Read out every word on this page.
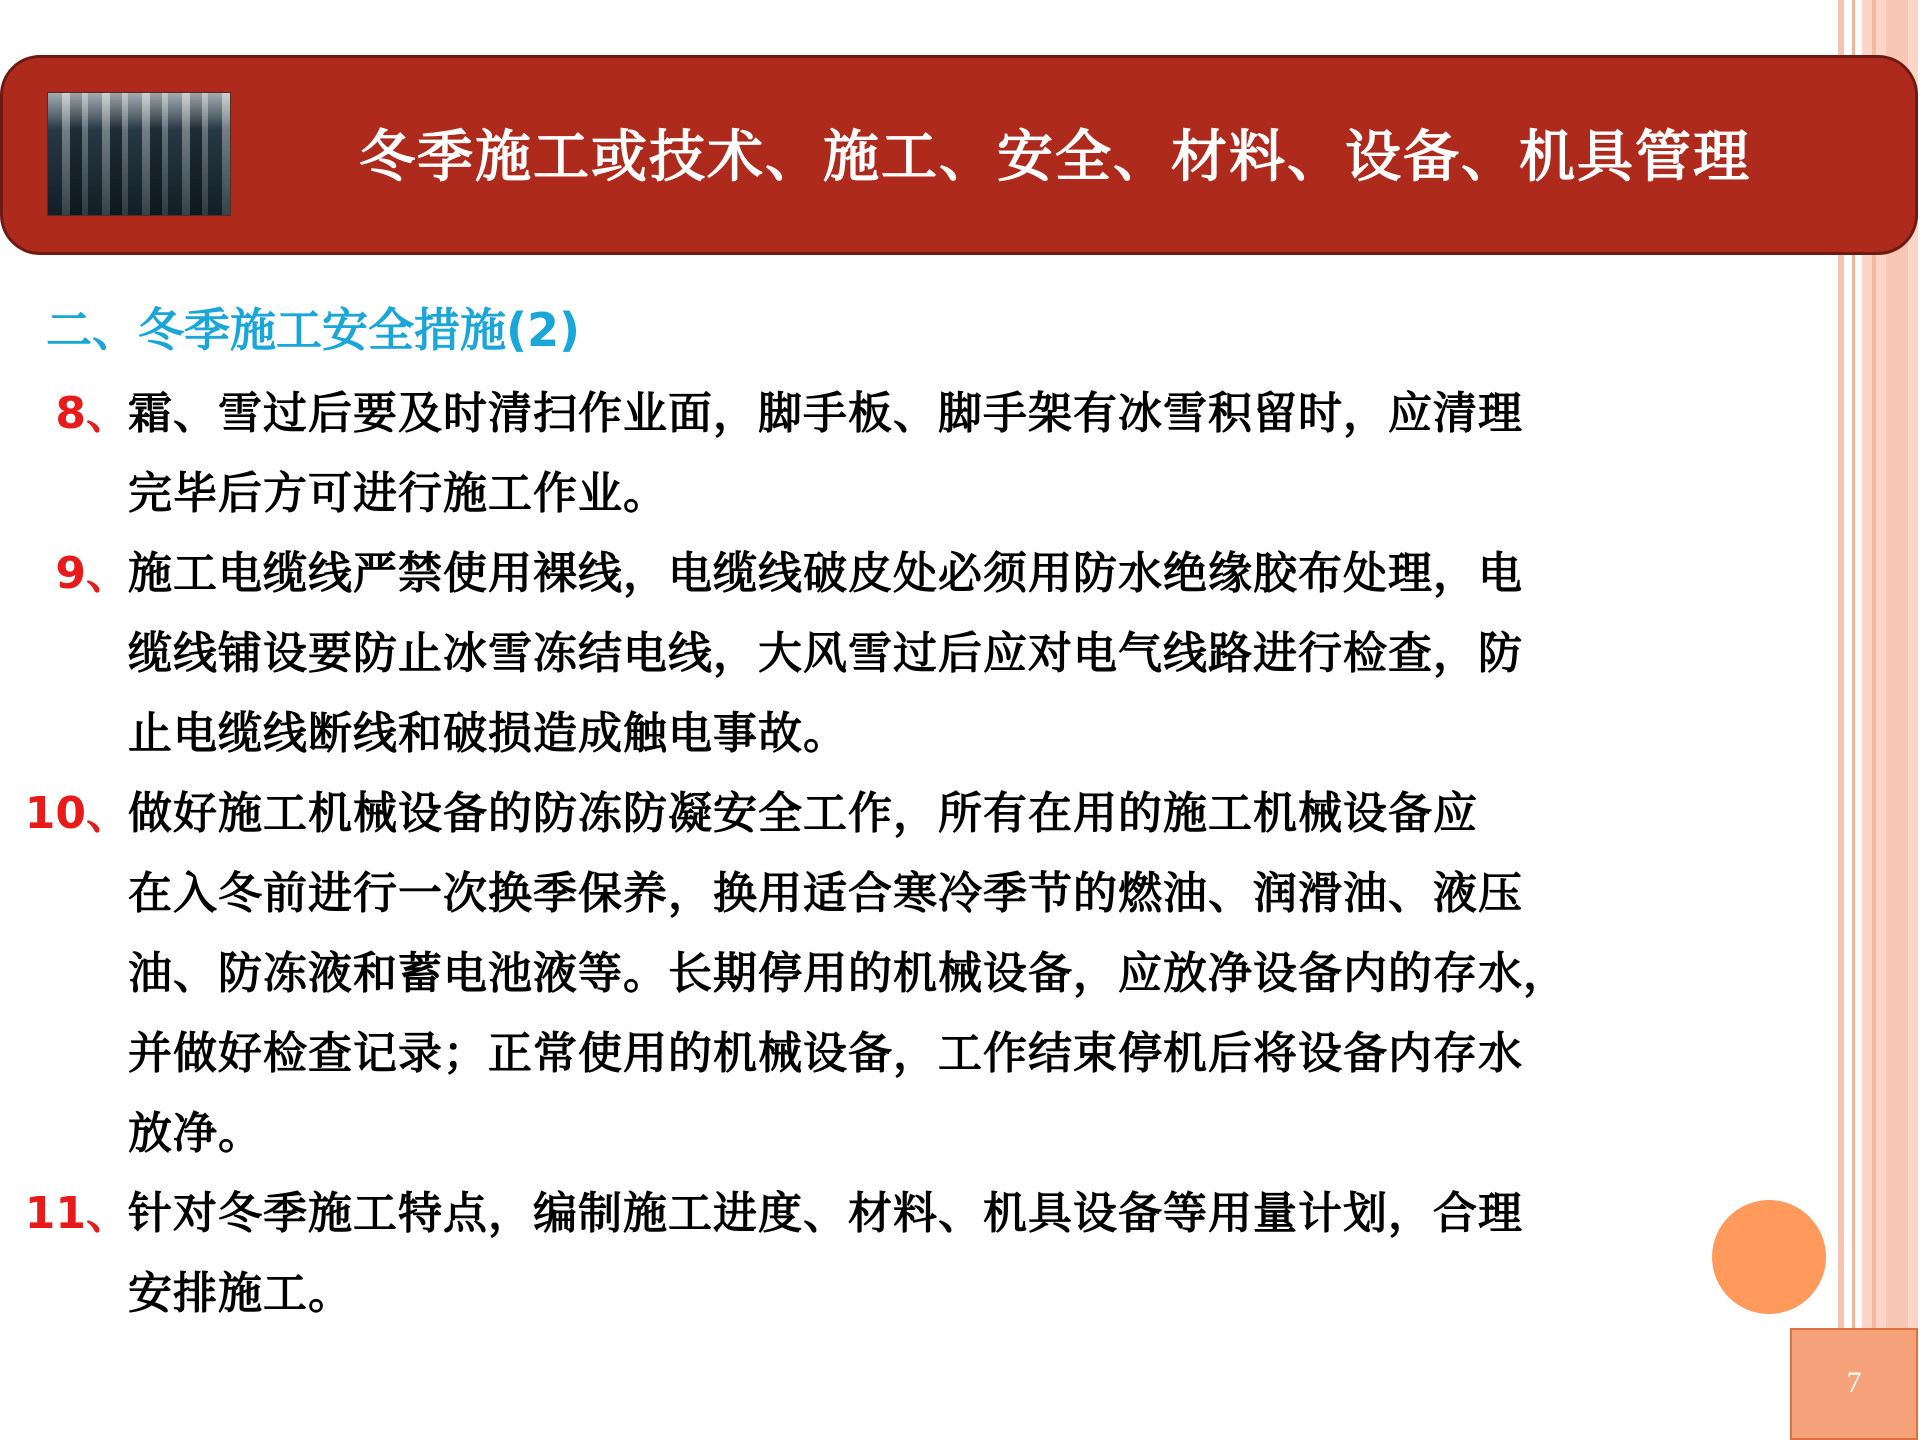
冬季施工或技术、施工、安全、材料、设备、机具管理
二、冬季施工安全措施(2)
8、
霜、雪过后要及时清扫作业面，脚手板、脚手架有冰雪积留时，应清理
完毕后方可进行施工作业。
9、
施工电缆线严禁使用裸线，电缆线破皮处必须用防水绝缘胶布处理，电
缆线铺设要防止冰雪冻结电线，大风雪过后应对电气线路进行检查，防
止电缆线断线和破损造成触电事故。
10、
做好施工机械设备的防冻防凝安全工作，所有在用的施工机械设备应
在入冬前进行一次换季保养，换用适合寒冷季节的燃油、润滑油、液压
油、防冻液和蓄电池液等。长期停用的机械设备，应放净设备内的存水，
并做好检查记录；正常使用的机械设备，工作结束停机后将设备内存水
放净。
11、
针对冬季施工特点，编制施工进度、材料、机具设备等用量计划，合理
安排施工。
7
